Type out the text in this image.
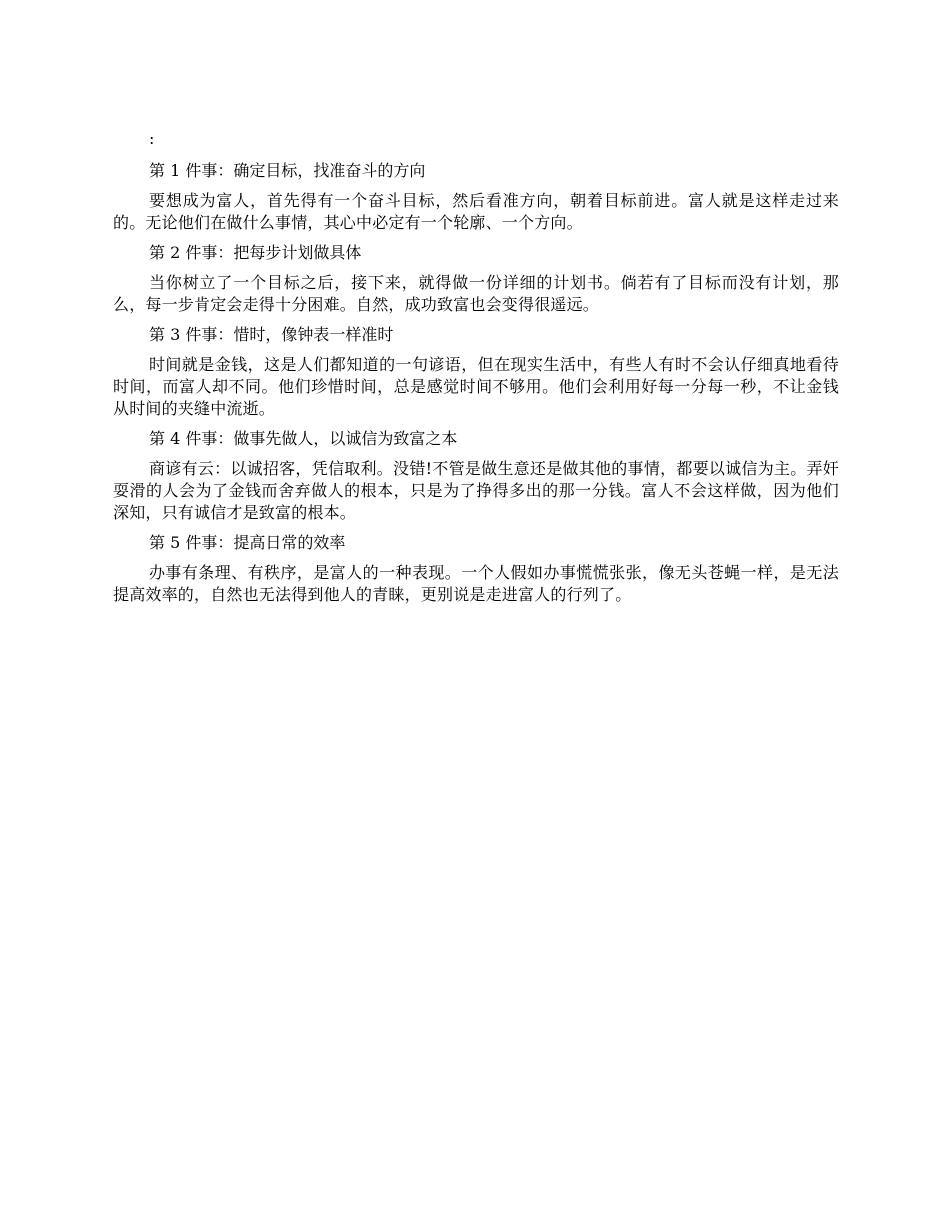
:

第 1 件事：确定目标，找准奋斗的方向

要想成为富人，首先得有一个奋斗目标，然后看准方向，朝着目标前进。富人就是这样走过来的。无论他们在做什么事情，其心中必定有一个轮廓、一个方向。

第 2 件事：把每步计划做具体

当你树立了一个目标之后，接下来，就得做一份详细的计划书。倘若有了目标而没有计划，那么，每一步肯定会走得十分困难。自然，成功致富也会变得很遥远。

第 3 件事：惜时，像钟表一样准时

时间就是金钱，这是人们都知道的一句谚语，但在现实生活中，有些人有时不会认仔细真地看待时间，而富人却不同。他们珍惜时间，总是感觉时间不够用。他们会利用好每一分每一秒，不让金钱从时间的夹缝中流逝。

第 4 件事：做事先做人，以诚信为致富之本

商谚有云：以诚招客，凭信取利。没错!不管是做生意还是做其他的事情，都要以诚信为主。弄奸耍滑的人会为了金钱而舍弃做人的根本，只是为了挣得多出的那一分钱。富人不会这样做，因为他们深知，只有诚信才是致富的根本。

第 5 件事：提高日常的效率

办事有条理、有秩序，是富人的一种表现。一个人假如办事慌慌张张，像无头苍蝇一样，是无法提高效率的，自然也无法得到他人的青睐，更别说是走进富人的行列了。
